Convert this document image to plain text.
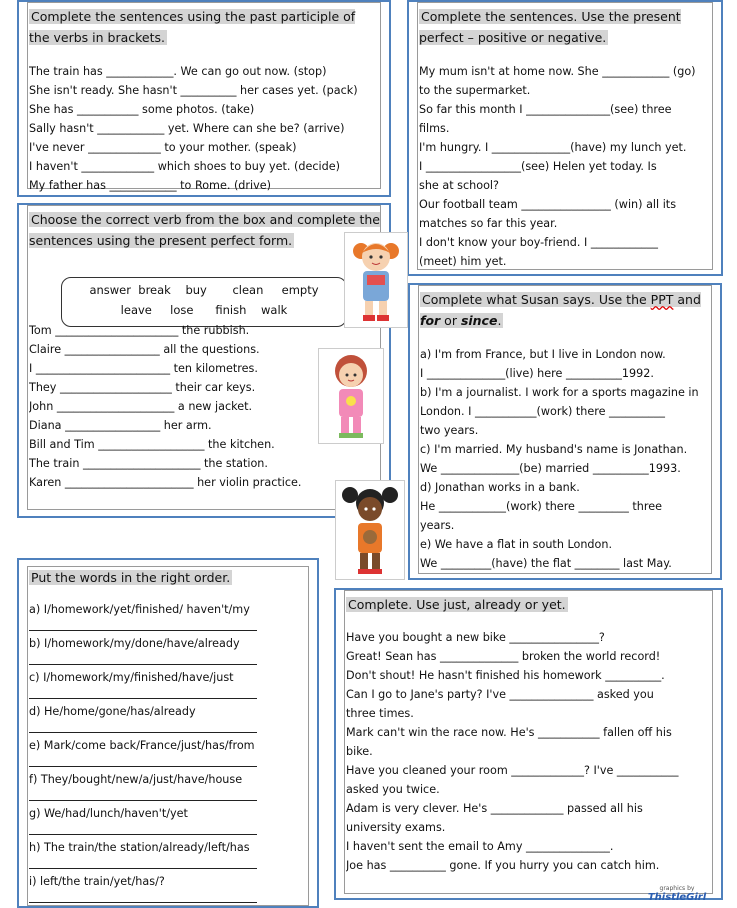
Complete the sentences using the past participle of the verbs in brackets.
The train has ____________. We can go out now. (stop)
She isn't ready. She hasn't __________ her cases yet. (pack)
She has ___________ some photos. (take)
Sally hasn't ____________ yet. Where can she be? (arrive)
I've never _____________ to your mother. (speak)
I haven't _____________ which shoes to buy yet. (decide)
My father has ____________ to Rome. (drive)
Complete the sentences. Use the present perfect – positive or negative.
My mum isn't at home now. She ____________ (go)
to the supermarket.
So far this month I _______________(see) three
films.
I'm hungry. I ______________(have) my lunch yet.
I _________________(see) Helen yet today. Is
she at school?
Our football team ________________ (win) all its
matches so far this year.
I don't know your boy-friend. I ____________
(meet) him yet.
Choose the correct verb from the box and complete the sentences using the present perfect form.
answer  break    buy       clean     empty
leave     lose      finish    walk
Tom ______________________ the rubbish.
Claire _________________ all the questions.
I ________________________ ten kilometres.
They ____________________ their car keys.
John _____________________ a new jacket.
Diana _________________ her arm.
Bill and Tim ___________________ the kitchen.
The train _____________________ the station.
Karen _______________________ her violin practice.
Complete what Susan says. Use the PPT and for or since.
a) I'm from France, but I live in London now.
I ______________(live) here __________1992.
b) I'm a journalist. I work for a sports magazine in
London. I ___________(work) there __________
two years.
c) I'm married. My husband's name is Jonathan.
We ______________(be) married __________1993.
d) Jonathan works in a bank.
He ____________(work) there _________ three
years.
e) We have a flat in south London.
We _________(have) the flat ________ last May.
Put the words in the right order.
a) I/homework/yet/finished/ haven't/my
b) I/homework/my/done/have/already
c) I/homework/my/finished/have/just
d) He/home/gone/has/already
e) Mark/come back/France/just/has/from
f) They/bought/new/a/just/have/house
g) We/had/lunch/haven't/yet
h) The train/the station/already/left/has
i) left/the train/yet/has/?
Complete. Use just, already or yet.
Have you bought a new bike ________________?
Great! Sean has ______________ broken the world record!
Don't shout! He hasn't finished his homework __________.
Can I go to Jane's party? I've _______________ asked you
three times.
Mark can't win the race now. He's ___________ fallen off his
bike.
Have you cleaned your room _____________? I've ___________
asked you twice.
Adam is very clever. He's _____________ passed all his
university exams.
I haven't sent the email to Amy _______________.
Joe has __________ gone. If you hurry you can catch him.
graphics by
ThistleGirl
